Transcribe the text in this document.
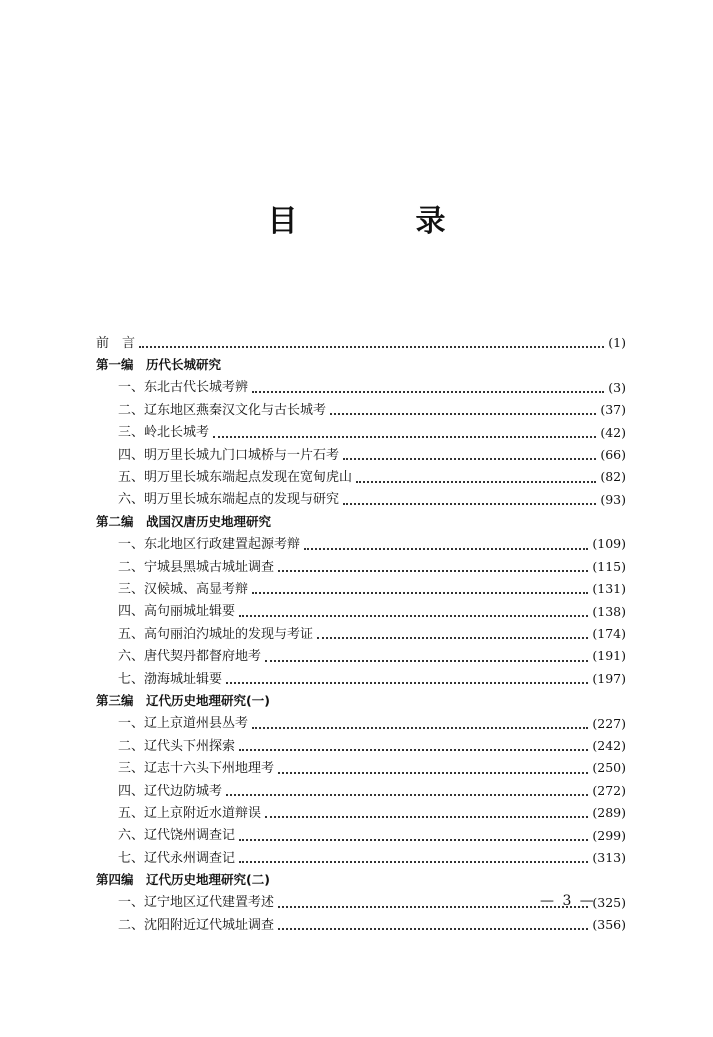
目　录
前　言	(1)
第一编　历代长城研究
一、东北古代长城考辨	(3)
二、辽东地区燕秦汉文化与古长城考	(37)
三、岭北长城考	(42)
四、明万里长城九门口城桥与一片石考	(66)
五、明万里长城东端起点发现在宽甸虎山	(82)
六、明万里长城东端起点的发现与研究	(93)
第二编　战国汉唐历史地理研究
一、东北地区行政建置起源考辩	(109)
二、宁城县黑城古城址调查	(115)
三、汉候城、高显考辩	(131)
四、高句丽城址辑要	(138)
五、高句丽泊汋城址的发现与考证	(174)
六、唐代契丹都督府地考	(191)
七、渤海城址辑要	(197)
第三编　辽代历史地理研究(一)
一、辽上京道州县丛考	(227)
二、辽代头下州探索	(242)
三、辽志十六头下州地理考	(250)
四、辽代边防城考	(272)
五、辽上京附近水道辩误	(289)
六、辽代饶州调查记	(299)
七、辽代永州调查记	(313)
第四编　辽代历史地理研究(二)
一、辽宁地区辽代建置考述	(325)
二、沈阳附近辽代城址调查	(356)
— 3 —
